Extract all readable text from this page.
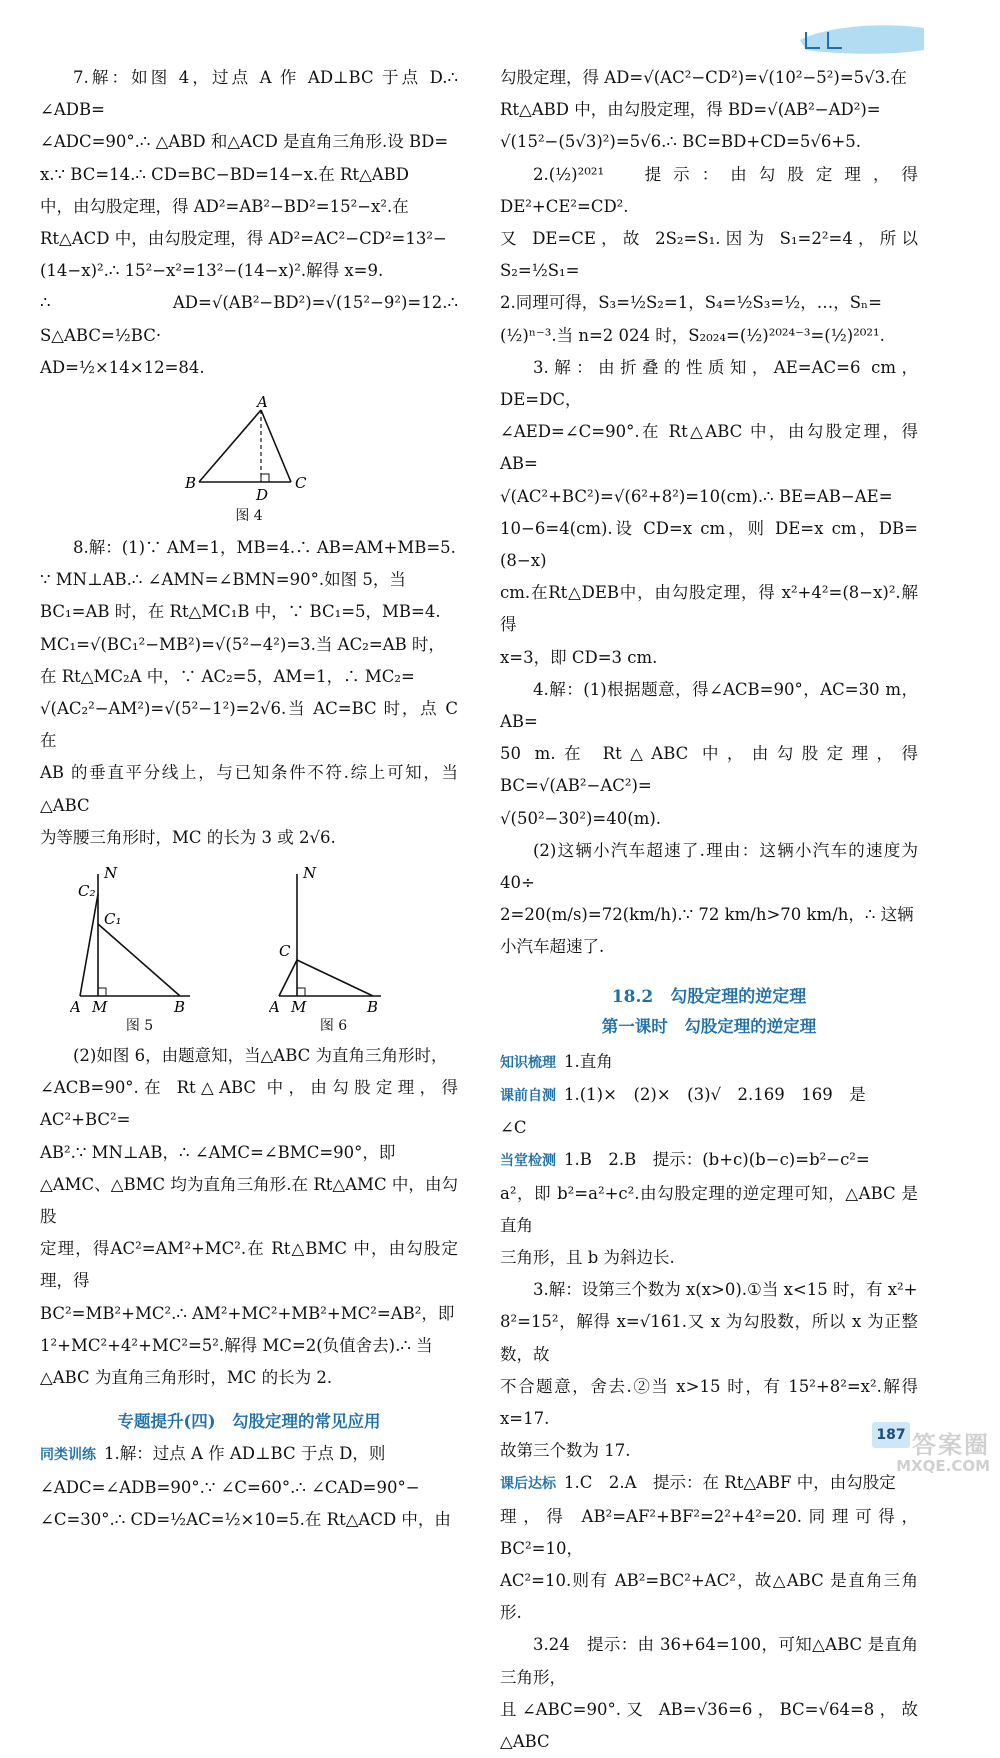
7.解：如图 4，过点 A 作 AD⊥BC 于点 D.∴ ∠ADB=

∠ADC=90°.∴ △ABD 和△ACD 是直角三角形.设 BD=

x.∵ BC=14.∴ CD=BC−BD=14−x.在 Rt△ABD

中，由勾股定理，得 AD²=AB²−BD²=15²−x².在

Rt△ACD 中，由勾股定理，得 AD²=AC²−CD²=13²−

(14−x)².∴ 15²−x²=13²−(14−x)².解得 x=9.

∴ AD=√(AB²−BD²)=√(15²−9²)=12.∴ S△ABC=½BC·

AD=½×14×12=84.

A
B	C
D
图 4

8.解：(1)∵ AM=1，MB=4.∴ AB=AM+MB=5.

∵ MN⊥AB.∴ ∠AMN=∠BMN=90°.如图 5，当

BC₁=AB 时，在 Rt△MC₁B 中，∵ BC₁=5，MB=4.

MC₁=√(BC₁²−MB²)=√(5²−4²)=3.当 AC₂=AB 时，

在 Rt△MC₂A 中，∵ AC₂=5，AM=1，∴ MC₂=

√(AC₂²−AM²)=√(5²−1²)=2√6.当 AC=BC 时，点 C 在

AB 的垂直平分线上，与已知条件不符.综上可知，当△ABC

为等腰三角形时，MC 的长为 3 或 2√6.

N
C₂
C₁
A M	B
图 5
N
C
A M	B
图 6

(2)如图 6，由题意知，当△ABC 为直角三角形时，

∠ACB=90°.在 Rt△ABC 中，由勾股定理，得 AC²+BC²=

AB².∵ MN⊥AB，∴ ∠AMC=∠BMC=90°，即

△AMC、△BMC 均为直角三角形.在 Rt△AMC 中，由勾股

定理，得AC²=AM²+MC².在 Rt△BMC 中，由勾股定理，得

BC²=MB²+MC².∴ AM²+MC²+MB²+MC²=AB²，即

1²+MC²+4²+MC²=5².解得 MC=2(负值舍去).∴ 当

△ABC 为直角三角形时，MC 的长为 2.

专题提升(四)　勾股定理的常见应用

同类训练 1.解：过点 A 作 AD⊥BC 于点 D，则

∠ADC=∠ADB=90°.∵ ∠C=60°.∴ ∠CAD=90°−

∠C=30°.∴ CD=½AC=½×10=5.在 Rt△ACD 中，由

勾股定理，得 AD=√(AC²−CD²)=√(10²−5²)=5√3.在

Rt△ABD 中，由勾股定理，得 BD=√(AB²−AD²)=

√(15²−(5√3)²)=5√6.∴ BC=BD+CD=5√6+5.

2.(½)²⁰²¹　提示：由勾股定理，得 DE²+CE²=CD².

又 DE=CE，故 2S₂=S₁.因为 S₁=2²=4，所以 S₂=½S₁=

2.同理可得，S₃=½S₂=1，S₄=½S₃=½，…，Sₙ=

(½)ⁿ⁻³.当 n=2 024 时，S₂₀₂₄=(½)²⁰²⁴⁻³=(½)²⁰²¹.

3.解：由折叠的性质知，AE=AC=6 cm，DE=DC，

∠AED=∠C=90°.在 Rt△ABC 中，由勾股定理，得 AB=

√(AC²+BC²)=√(6²+8²)=10(cm).∴ BE=AB−AE=

10−6=4(cm).设 CD=x cm，则 DE=x cm，DB=(8−x)

cm.在Rt△DEB中，由勾股定理，得 x²+4²=(8−x)².解得

x=3，即 CD=3 cm.

4.解：(1)根据题意，得∠ACB=90°，AC=30 m，AB=

50 m.在 Rt△ABC 中，由勾股定理，得 BC=√(AB²−AC²)=

√(50²−30²)=40(m).

(2)这辆小汽车超速了.理由：这辆小汽车的速度为 40÷

2=20(m/s)=72(km/h).∵ 72 km/h>70 km/h，∴ 这辆

小汽车超速了.

18.2　勾股定理的逆定理
第一课时　勾股定理的逆定理

知识梳理 1.直角

课前自测 1.(1)×　(2)×　(3)√　2.169　169　是

∠C

当堂检测 1.B　2.B　提示：(b+c)(b−c)=b²−c²=

a²，即 b²=a²+c².由勾股定理的逆定理可知，△ABC 是直角

三角形，且 b 为斜边长.

3.解：设第三个数为 x(x>0).①当 x<15 时，有 x²+

8²=15²，解得 x=√161.又 x 为勾股数，所以 x 为正整数，故

不合题意，舍去.②当 x>15 时，有 15²+8²=x².解得 x=17.

故第三个数为 17.

课后达标 1.C　2.A　提示：在 Rt△ABF 中，由勾股定

理，得 AB²=AF²+BF²=2²+4²=20.同理可得，BC²=10，

AC²=10.则有 AB²=BC²+AC²，故△ABC 是直角三角形.

3.24　提示：由 36+64=100，可知△ABC 是直角三角形，

且∠ABC=90°.又 AB=√36=6，BC=√64=8，故△ABC

答案圈
MXQE.COM
187
